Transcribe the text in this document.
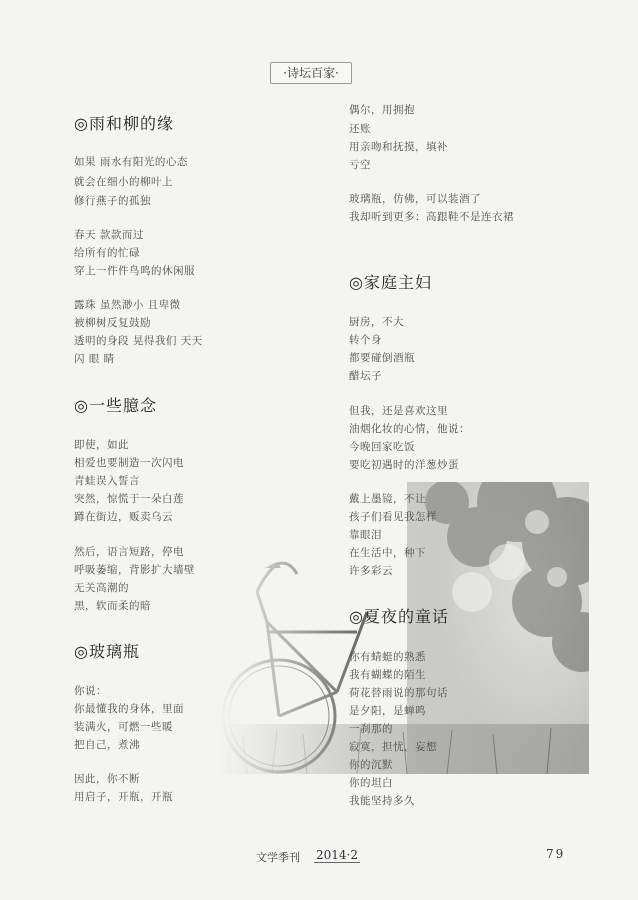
·诗坛百家·
◎雨和柳的缘
如果 雨水有阳光的心态
就会在细小的柳叶上
修行燕子的孤独
春天 款款而过
给所有的忙碌
穿上一件件鸟鸣的休闲服
露珠 虽然渺小 且卑微
被柳树反复鼓励
透明的身段 晃得我们 天天
闪 眼 睛
◎一些臆念
即使，如此
相爱也要制造一次闪电
青蛙误入誓言
突然，惊慌于一朵白莲
蹲在街边，贩卖乌云
然后，语言短路，停电
呼吸萎缩，背影扩大墙壁
无关高潮的
黑，软而柔的暗
◎玻璃瓶
你说：
你最懂我的身体，里面
装满火，可燃一些暖
把自己，煮沸
因此，你不断
用启子，开瓶，开瓶
偶尔，用拥抱
还账
用亲吻和抚摸，填补
亏空
玻璃瓶，仿佛，可以装酒了
我却听到更多：高跟鞋不是连衣裙
◎家庭主妇
厨房，不大
转个身
都要碰倒酒瓶
醋坛子
但我，还是喜欢这里
油烟化妆的心情，他说：
今晚回家吃饭
要吃初遇时的洋葱炒蛋
戴上墨镜，不让
孩子们看见我怎样
靠眼泪
在生活中，种下
许多彩云
◎夏夜的童话
你有蜻蜓的熟悉
我有蝴蝶的陌生
荷花替雨说的那句话
是夕阳，是蝉鸣
一刹那的
寂寞，担忧，妄想
你的沉默
你的坦白
我能坚持多久
文学季刊 2014·2	79
